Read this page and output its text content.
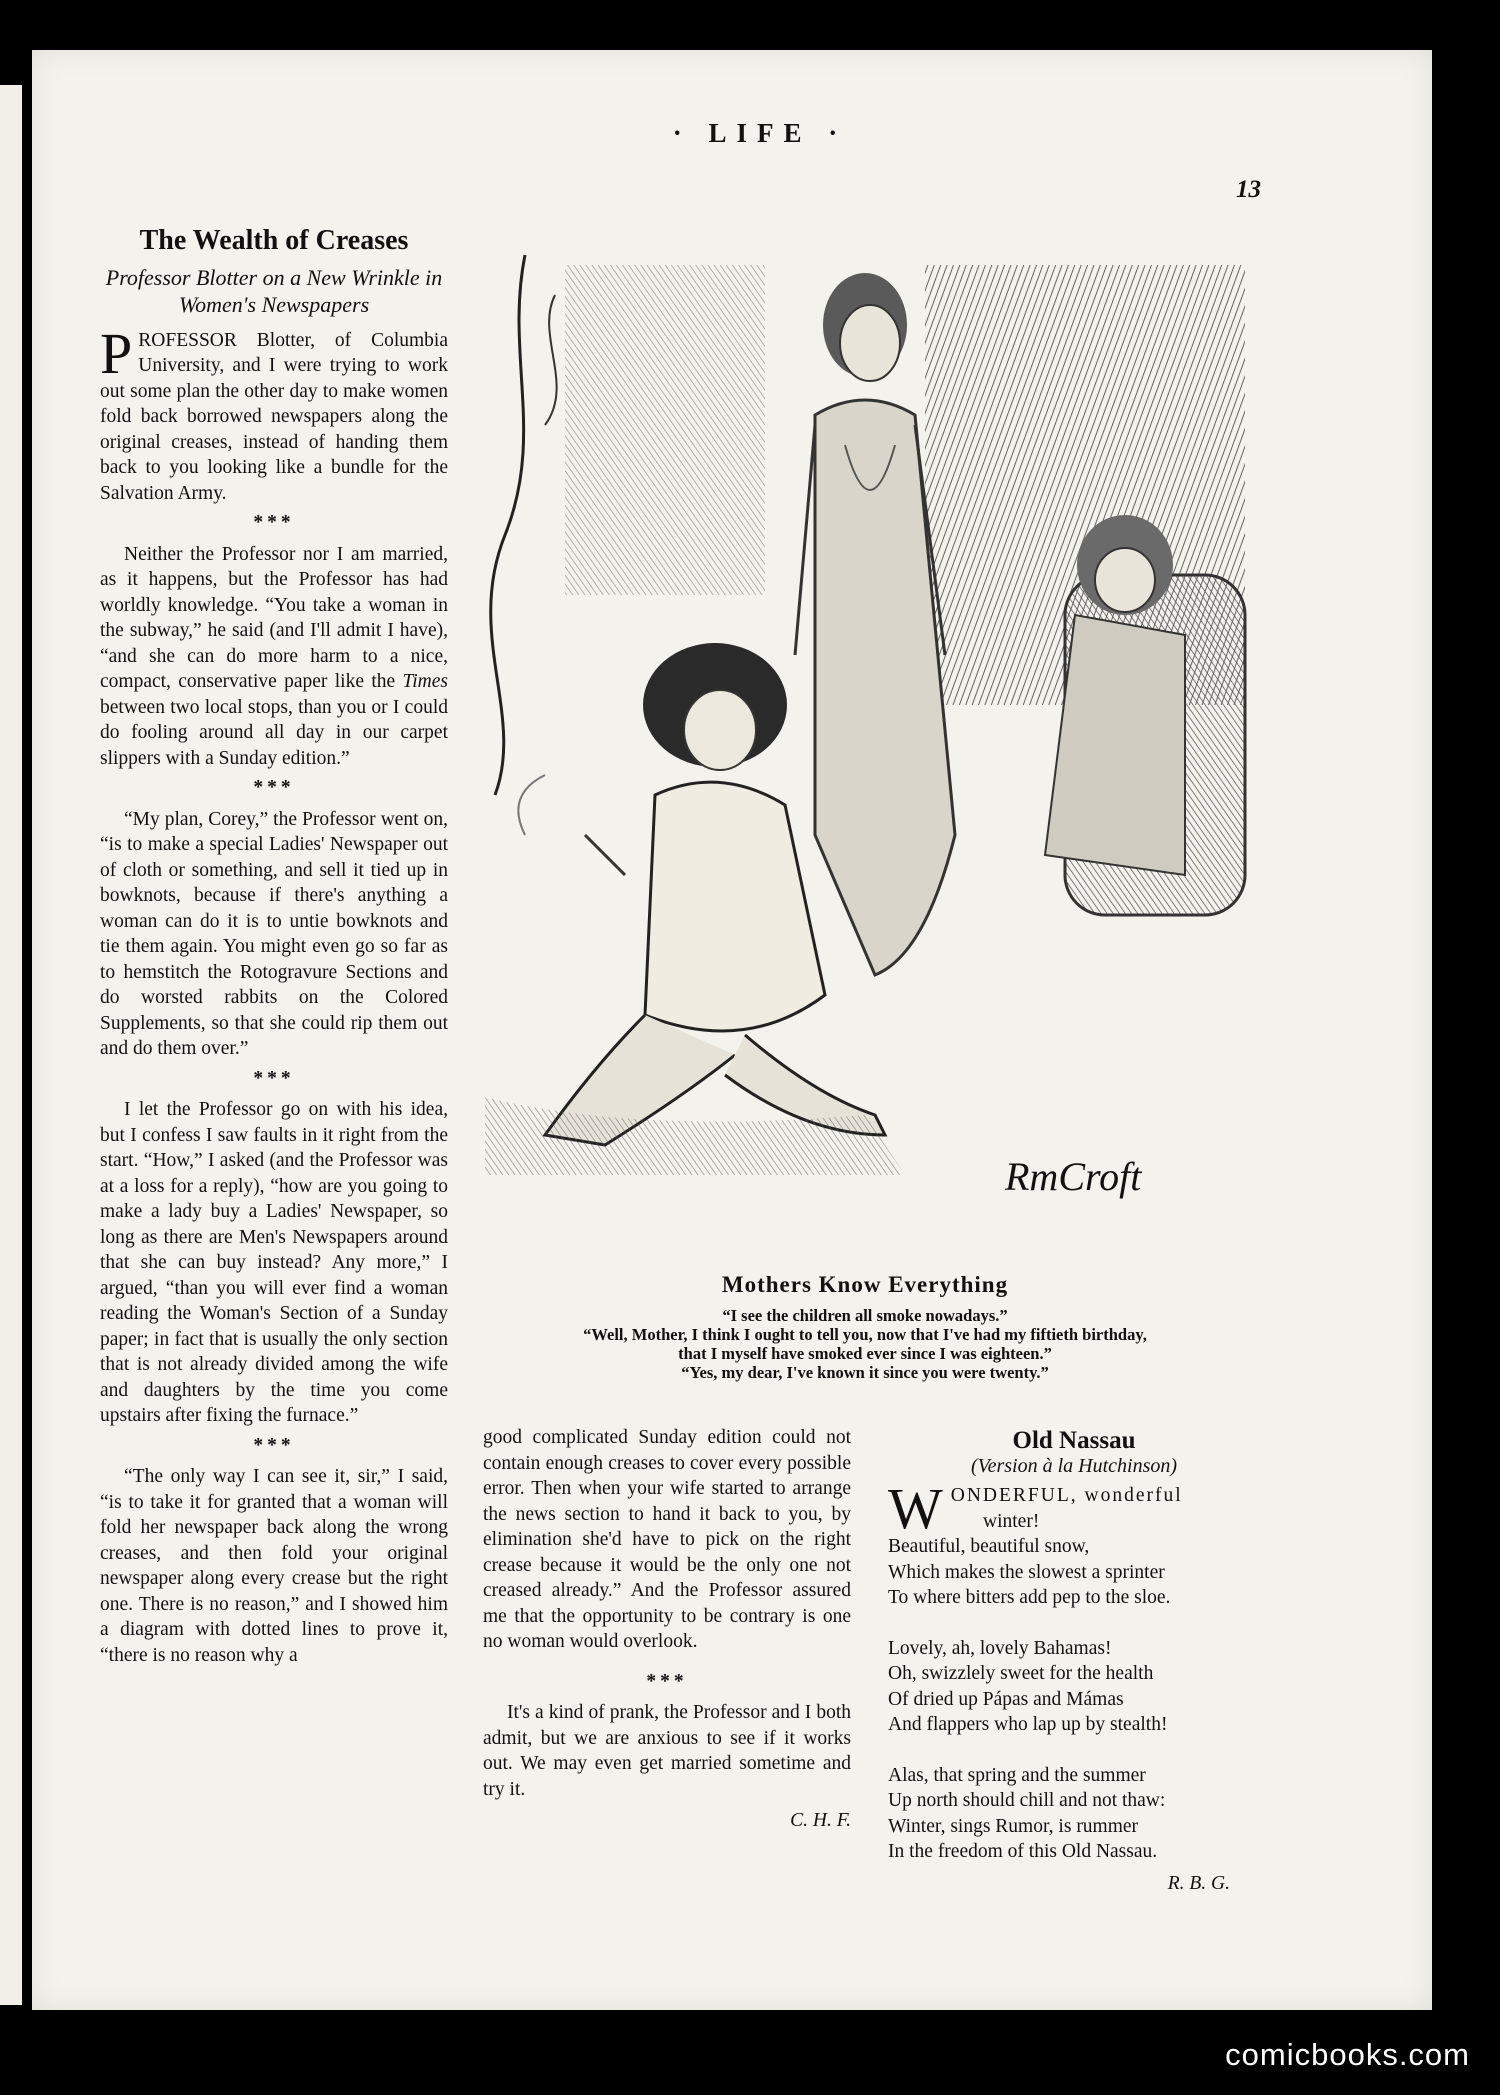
· LIFE ·
13
The Wealth of Creases
Professor Blotter on a New Wrinkle in Women's Newspapers

PROFESSOR Blotter, of Columbia University, and I were trying to work out some plan the other day to make women fold back borrowed newspapers along the original creases, instead of handing them back to you looking like a bundle for the Salvation Army.

***

Neither the Professor nor I am married, as it happens, but the Professor has had worldly knowledge. “You take a woman in the subway,” he said (and I'll admit I have), “and she can do more harm to a nice, compact, conservative paper like the Times between two local stops, than you or I could do fooling around all day in our carpet slippers with a Sunday edition.”

***

“My plan, Corey,” the Professor went on, “is to make a special Ladies' Newspaper out of cloth or something, and sell it tied up in bowknots, because if there's anything a woman can do it is to untie bowknots and tie them again. You might even go so far as to hemstitch the Rotogravure Sections and do worsted rabbits on the Colored Supplements, so that she could rip them out and do them over.”

***

I let the Professor go on with his idea, but I confess I saw faults in it right from the start. “How,” I asked (and the Professor was at a loss for a reply), “how are you going to make a lady buy a Ladies' Newspaper, so long as there are Men's Newspapers around that she can buy instead? Any more,” I argued, “than you will ever find a woman reading the Woman's Section of a Sunday paper; in fact that is usually the only section that is not already divided among the wife and daughters by the time you come upstairs after fixing the furnace.”

***

“The only way I can see it, sir,” I said, “is to take it for granted that a woman will fold her newspaper back along the wrong creases, and then fold your original newspaper along every crease but the right one. There is no reason,” and I showed him a diagram with dotted lines to prove it, “there is no reason why a

RmCroft
Mothers Know Everything
“I see the children all smoke nowadays.”
“Well, Mother, I think I ought to tell you, now that I've had my fiftieth birthday,
that I myself have smoked ever since I was eighteen.”
“Yes, my dear, I've known it since you were twenty.”

good complicated Sunday edition could not contain enough creases to cover every possible error. Then when your wife started to arrange the news section to hand it back to you, by elimination she'd have to pick on the right crease because it would be the only one not creased already.” And the Professor assured me that the opportunity to be contrary is one no woman would overlook.

***

It's a kind of prank, the Professor and I both admit, but we are anxious to see if it works out. We may even get married sometime and try it.

C. H. F.
Old Nassau
(Version à la Hutchinson)
WONDERFUL, wonderful
winter!
Beautiful, beautiful snow,
Which makes the slowest a sprinter
To where bitters add pep to the sloe.
Lovely, ah, lovely Bahamas!
Oh, swizzlely sweet for the health
Of dried up Pápas and Mámas
And flappers who lap up by stealth!
Alas, that spring and the summer
Up north should chill and not thaw:
Winter, sings Rumor, is rummer
In the freedom of this Old Nassau.
R. B. G.
comicbooks.com
